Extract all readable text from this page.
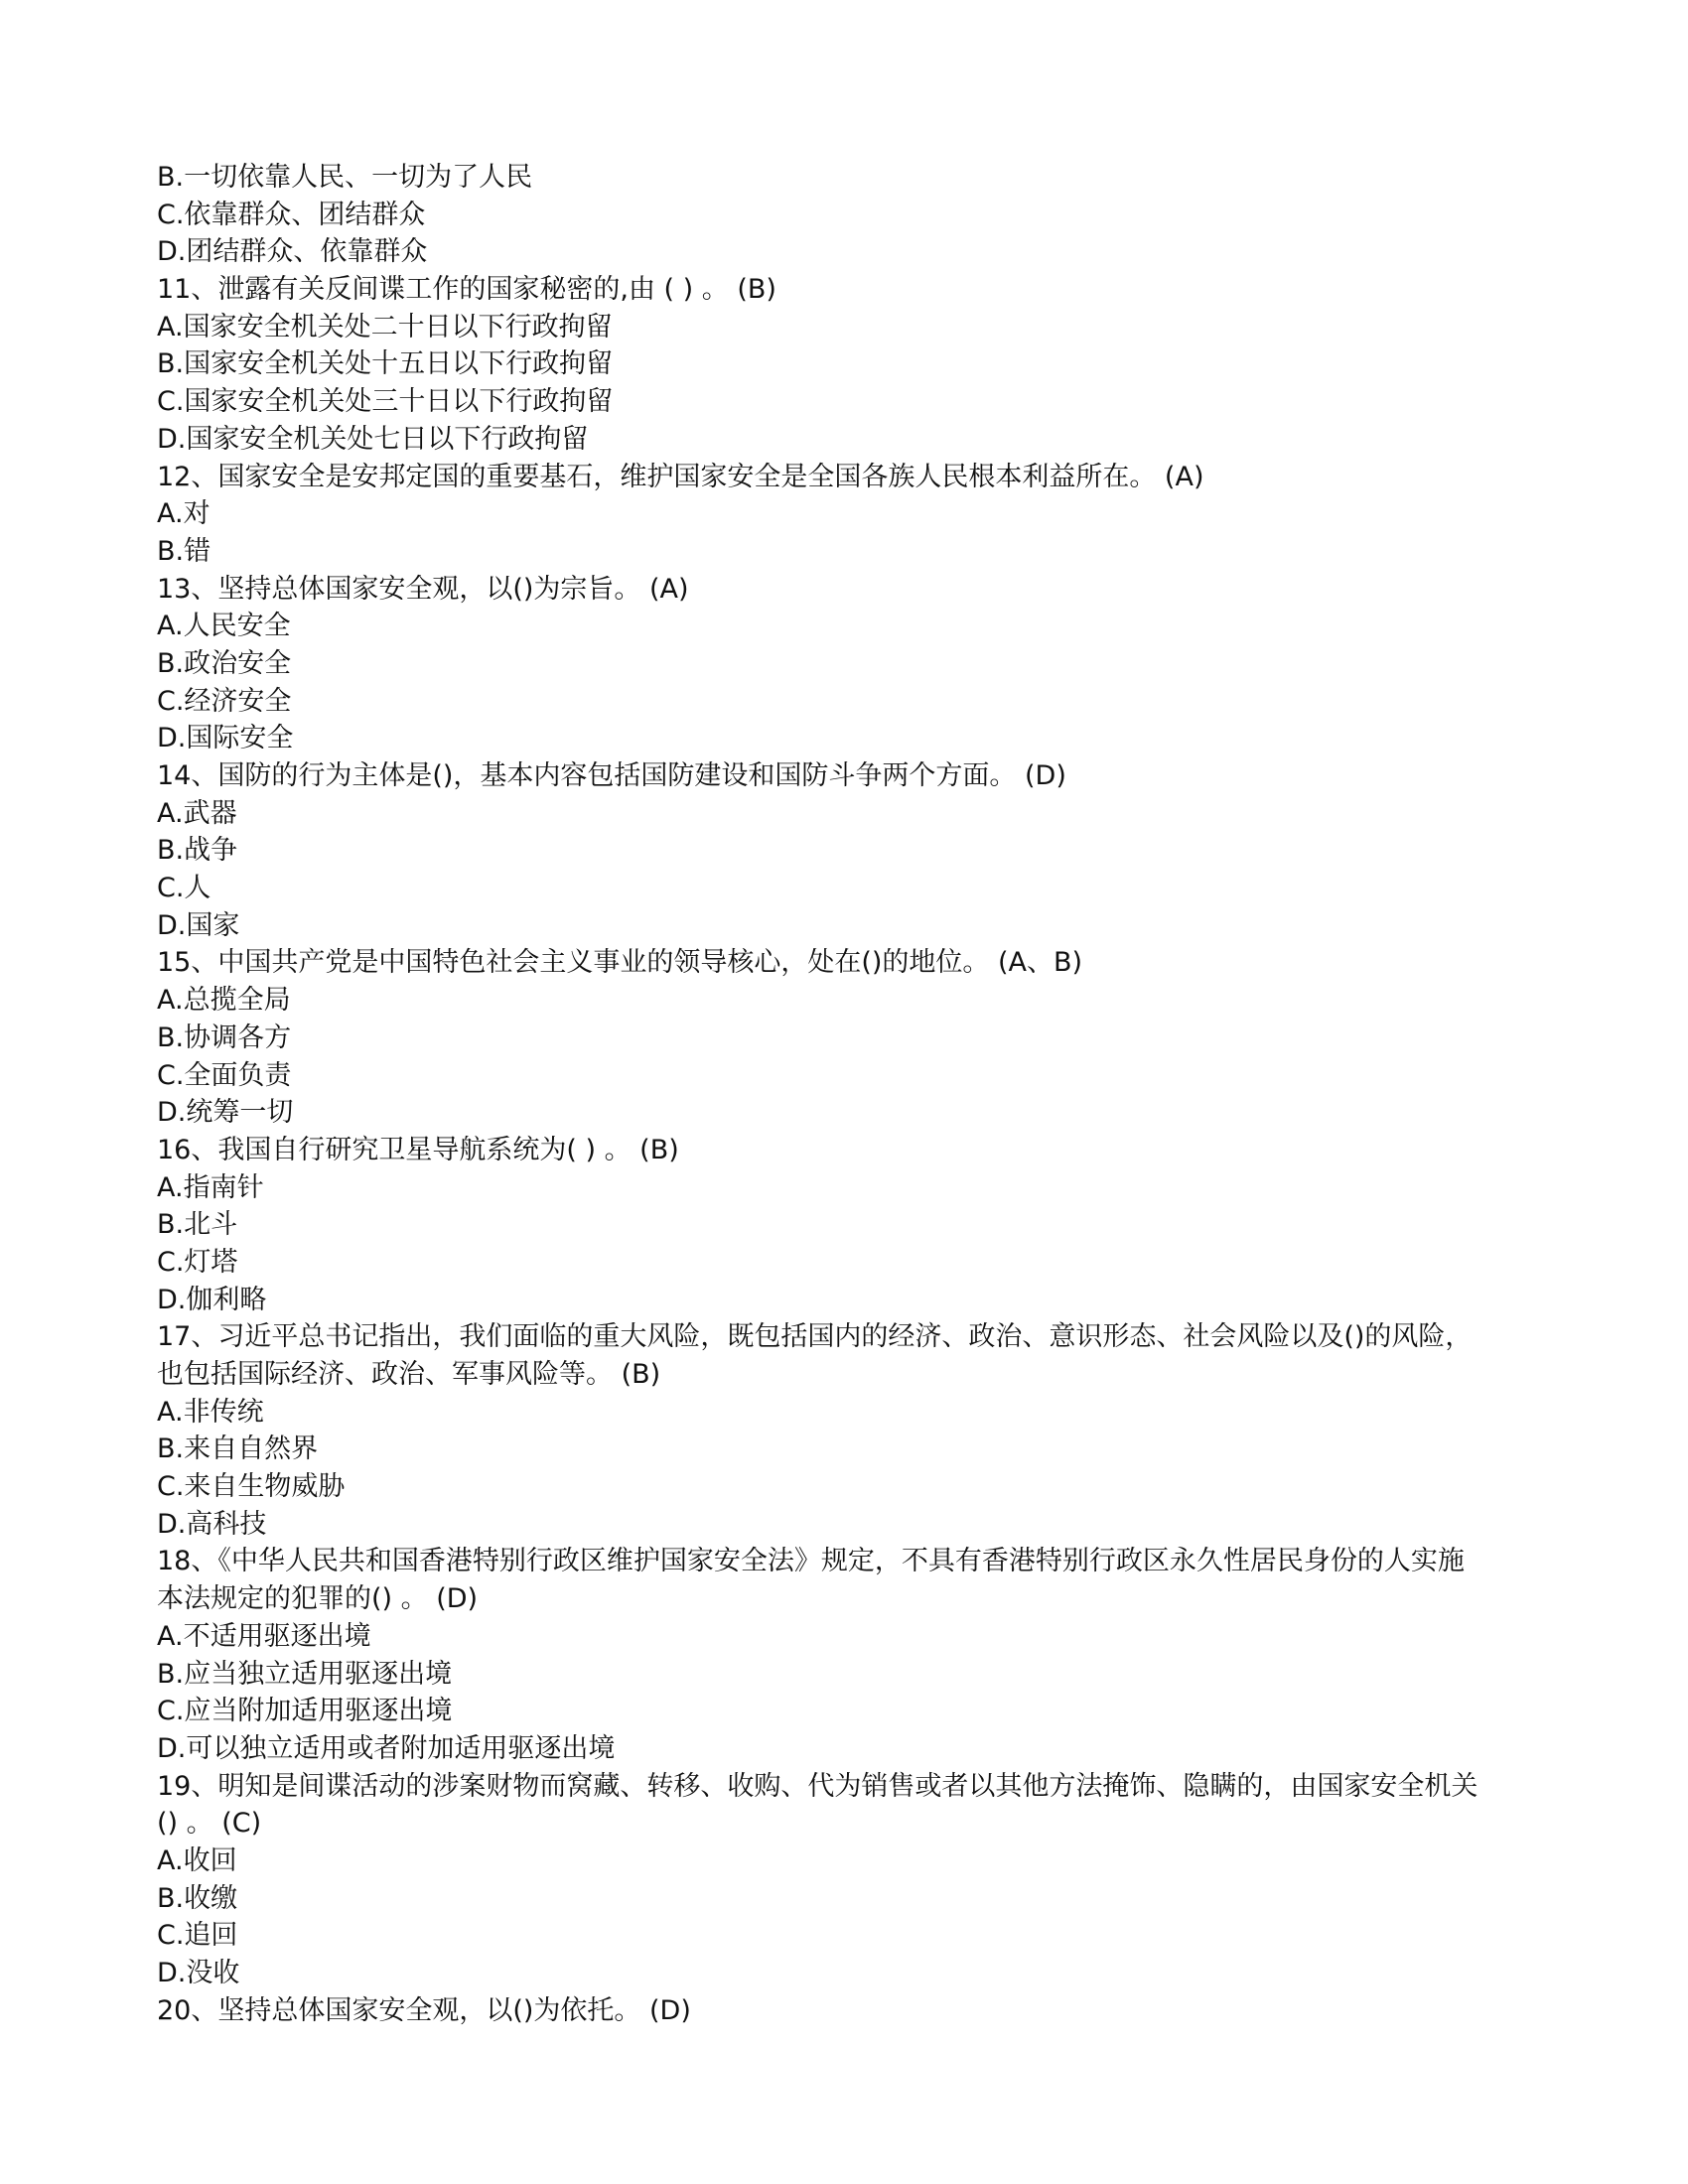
B.一切依靠人民、一切为了人民
C.依靠群众、团结群众
D.团结群众、依靠群众
11、泄露有关反间谍工作的国家秘密的,由 ( ) 。 (B)
A.国家安全机关处二十日以下行政拘留
B.国家安全机关处十五日以下行政拘留
C.国家安全机关处三十日以下行政拘留
D.国家安全机关处七日以下行政拘留
12、国家安全是安邦定国的重要基石，维护国家安全是全国各族人民根本利益所在。 (A)
A.对
B.错
13、坚持总体国家安全观，以()为宗旨。 (A)
A.人民安全
B.政治安全
C.经济安全
D.国际安全
14、国防的行为主体是()，基本内容包括国防建设和国防斗争两个方面。 (D)
A.武器
B.战争
C.人
D.国家
15、中国共产党是中国特色社会主义事业的领导核心，处在()的地位。 (A、B)
A.总揽全局
B.协调各方
C.全面负责
D.统筹一切
16、我国自行研究卫星导航系统为( ) 。 (B)
A.指南针
B.北斗
C.灯塔
D.伽利略
17、习近平总书记指出，我们面临的重大风险，既包括国内的经济、政治、意识形态、社会风险以及()的风险，
也包括国际经济、政治、军事风险等。 (B)
A.非传统
B.来自自然界
C.来自生物威胁
D.高科技
18、《中华人民共和国香港特别行政区维护国家安全法》规定，不具有香港特别行政区永久性居民身份的人实施
本法规定的犯罪的() 。 (D)
A.不适用驱逐出境
B.应当独立适用驱逐出境
C.应当附加适用驱逐出境
D.可以独立适用或者附加适用驱逐出境
19、明知是间谍活动的涉案财物而窝藏、转移、收购、代为销售或者以其他方法掩饰、隐瞒的，由国家安全机关
() 。 (C)
A.收回
B.收缴
C.追回
D.没收
20、坚持总体国家安全观，以()为依托。 (D)
